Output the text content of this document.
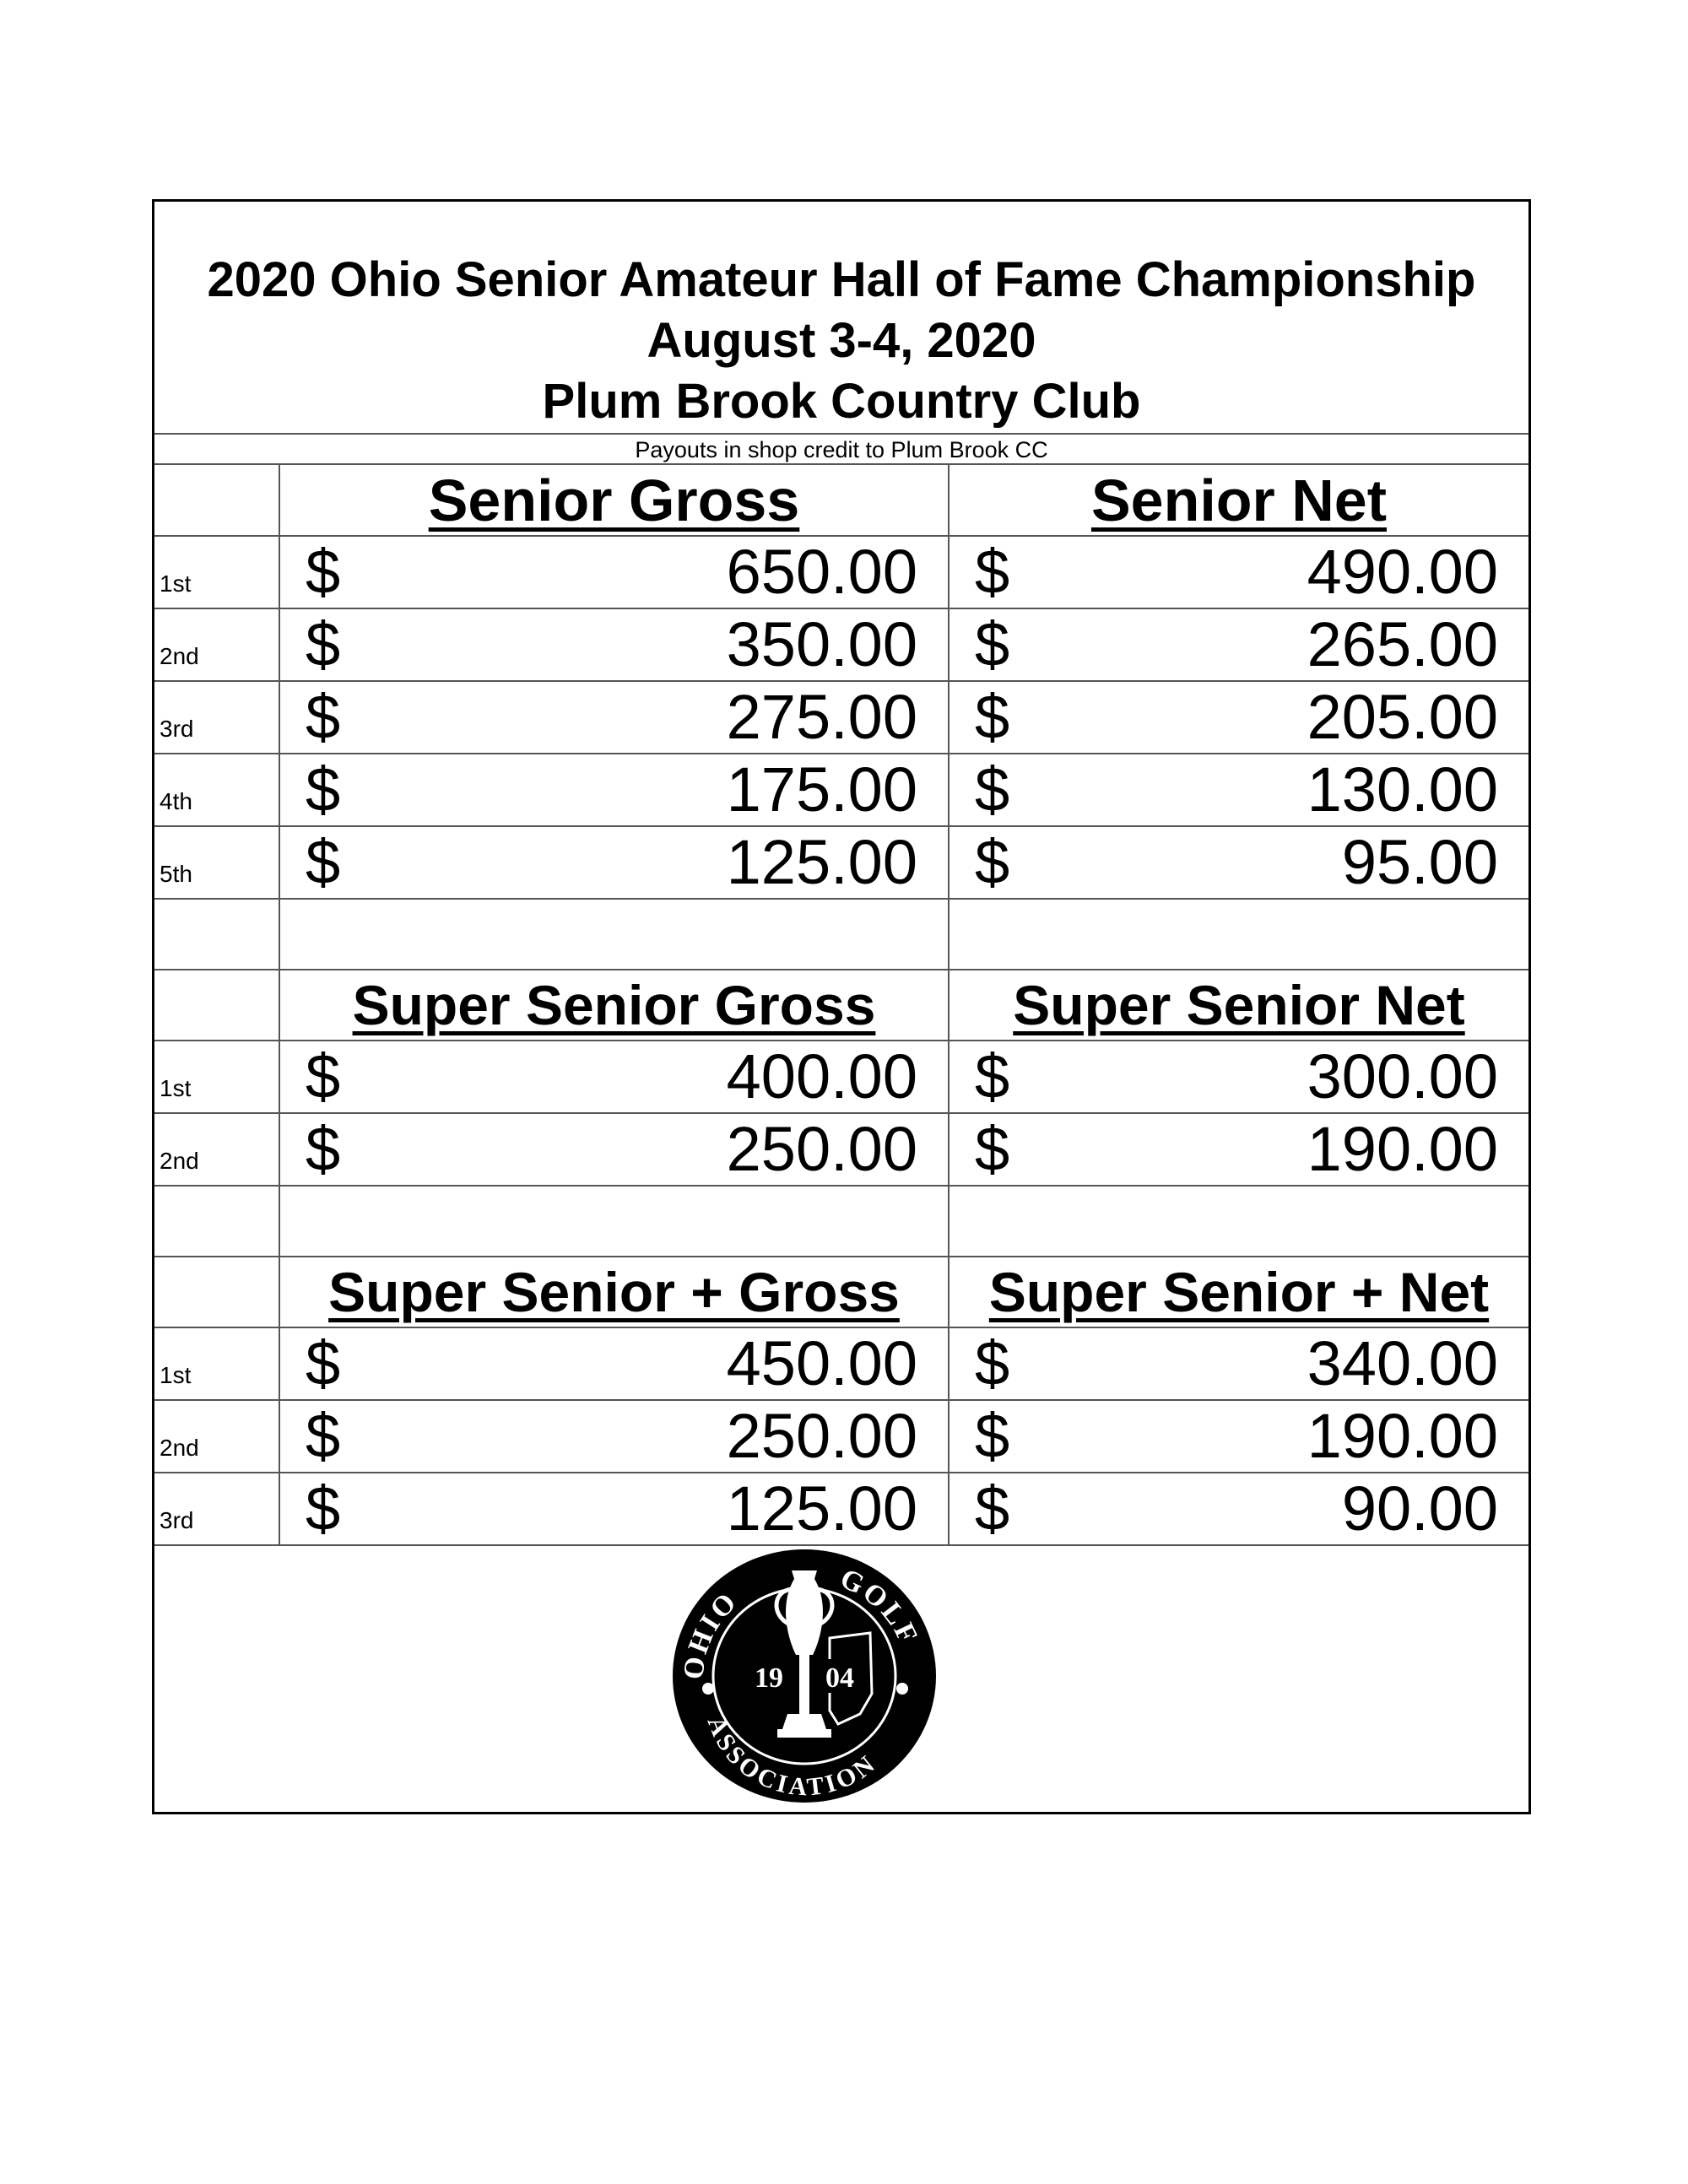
2020 Ohio Senior Amateur Hall of Fame Championship
August 3-4, 2020
Plum Brook Country Club
Payouts in shop credit to Plum Brook CC

	Senior Gross	Senior Net

1st	$ 650.00	$ 490.00

2nd	$ 350.00	$ 265.00

3rd	$ 275.00	$ 205.00

4th	$ 175.00	$ 130.00

5th	$ 125.00	$ 95.00

	Super Senior Gross	Super Senior Net

1st	$ 400.00	$ 300.00

2nd	$ 250.00	$ 190.00

	Super Senior + Gross	Super Senior + Net

1st	$ 450.00	$ 340.00

2nd	$ 250.00	$ 190.00

3rd	$ 125.00	$ 90.00
OHIO
GOLF
ASSOCIATION
19 04
